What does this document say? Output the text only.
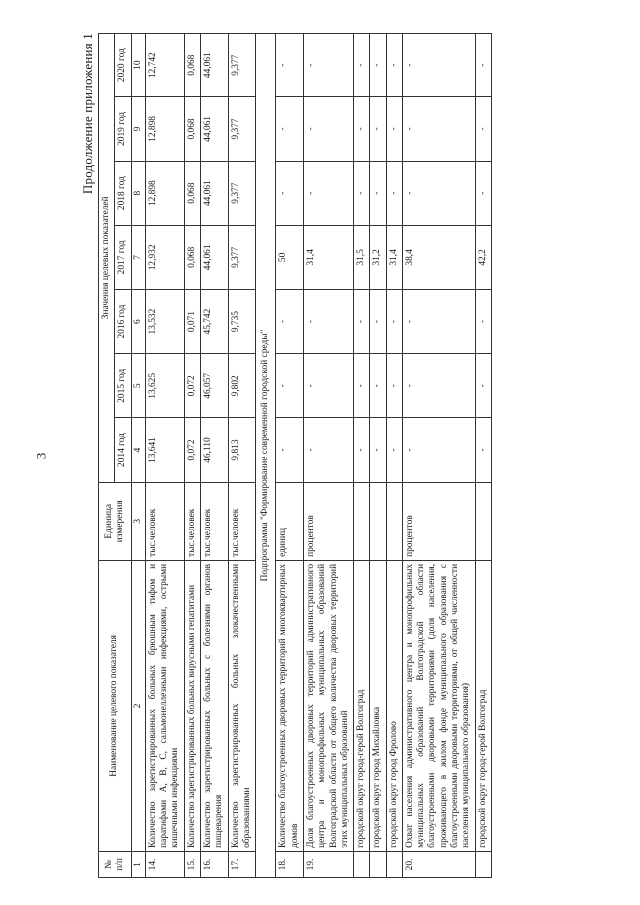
3
Продолжение приложения 1
№
п/п	Наименование целевого показателя	Единица измерения	Значения целевых показателей						
			2014 год	2015 год	2016 год	2017 год	2018 год	2019 год	2020 год
1	2	3	4	5	6	7	8	9	10
14.	Количество зарегистрированных больных брюшным тифом и паратифами А, В, С, сальмонеллезными инфекциями, острыми кишечными инфекциями	тыс.человек	13,641	13,625	13,532	12,932	12,898	12,898	12,742
15.	Количество зарегистрированных больных вирусными гепатитами	тыс.человек	0,072	0,072	0,071	0,068	0,068	0,068	0,068
16.	Количество зарегистрированных больных с болезнями органов пищеварения	тыс.человек	46,110	46,057	45,742	44,061	44,061	44,061	44,061
17.	Количество зарегистрированных больных злокачественными образованиями	тыс.человек	9,813	9,802	9,735	9,377	9,377	9,377	9,377
Подпрограмма "Формирование современной городской среды"									
18.	Количество благоустроенных дворовых территорий многоквартирных домов	единиц	-	-	-	50	-	-	-
19.	Доля благоустроенных дворовых территорий административного центра и монопрофильных муниципальных образований Волгоградской области от общего количества дворовых территорий этих муниципальных образований	процентов	-	-	-	31,4	-	-	-
	городской округ город-герой Волгоград		-	-	-	31,5	-	-	-
	городской округ город Михайловка		-	-	-	31,2	-	-	-
	городской округ город Фролово		-	-	-	31,4	-	-	-
20.	Охват населения административного центра и монопрофильных муниципальных образований Волгоградской области благоустроенными дворовыми территориями (доля населения, проживающего в жилом фонде муниципального образования с благоустроенными дворовыми территориями, от общей численности населения муниципального образования)	процентов	-	-	-	38,4	-	-	-
	городской округ город-герой Волгоград		-	-	-	42,2	-	-	-
